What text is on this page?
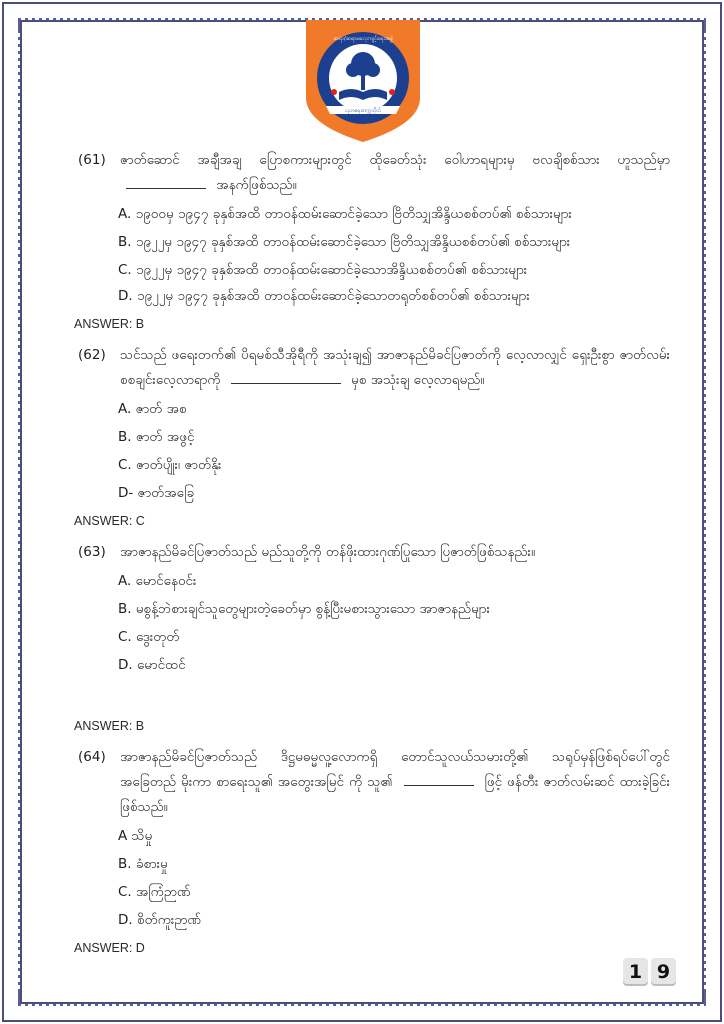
ဆရာ/ဆရာမလေ့ကျင့်ရေးအဖွဲ့
ပညာရေးတက္ကသိုလ်
(61)	ဇာတ်ဆောင် အချီအချ ပြောစကားများတွင် ထိုခေတ်သုံး ဝေါဟာရများမှ ဗလချိစစ်သား ဟူသည်မှာ  အနက်ဖြစ်သည်။
A. ၁၉၀၀မှ ၁၉၄၇ ခုနှစ်အထိ တာဝန်ထမ်းဆောင်ခဲ့သော ဗြိတိသျှအိန္ဒိယစစ်တပ်၏ စစ်သားများ
B. ၁၉၂၂မှ ၁၉၄၇ ခုနှစ်အထိ တာဝန်ထမ်းဆောင်ခဲ့သော ဗြိတိသျှအိန္ဒိယစစ်တပ်၏ စစ်သားများ
C. ၁၉၂၂မှ ၁၉၄၇ ခုနှစ်အထိ တာဝန်ထမ်းဆောင်ခဲ့သောအိန္ဒိယစစ်တပ်၏ စစ်သားများ
D. ၁၉၂၂မှ ၁၉၄၇ ခုနှစ်အထိ တာဝန်ထမ်းဆောင်ခဲ့သောတရုတ်စစ်တပ်၏ စစ်သားများ
ANSWER: B
(62)	သင်သည် ဖရေးတက်၏ ပိရမစ်သီအိုရီကို အသုံးချ၍ အာဇာနည်မိခင်ပြဇာတ်ကို လေ့လာလျှင် ရှေးဦးစွာ ဇာတ်လမ်းစစချင်းလေ့လာရာကို	မှစ အသုံးချ လေ့လာရမည်။
A. ဇာတ် အစ
B. ဇာတ် အဖွင့်
C. ဇာတ်ပျိုး၊ ဇာတ်နိုး
D- ဇာတ်အခြေ
ANSWER: C
(63)	အာဇာနည်မိခင်ပြဇာတ်သည် မည်သူတို့ကို တန်ဖိုးထားဂုဏ်ပြုသော ပြဇာတ်ဖြစ်သနည်း။
A. မောင်နေဝင်း
B. မစွန့်ဘဲစားချင်သူတွေများတဲ့ခေတ်မှာ စွန့်ပြီးမစားသွားသော အာဇာနည်များ
C. ဒွေးတုတ်
D. မောင်ထင်
ANSWER: B
(64)	အာဇာနည်မိခင်ပြဇာတ်သည် ဒိဋ္ဌမဓမ္မလူ့လောကရှိ တောင်သူလယ်သမားတို့၏ သရုပ်မှန်ဖြစ်ရပ်ပေါ်တွင် အခြေတည် မိုးကာ စာရေးသူ၏ အတွေးအမြင် ကို သူ၏	ဖြင့် ဖန်တီး ဇာတ်လမ်းဆင် ထားခဲ့ခြင်း ဖြစ်သည်။
A သိမှု
B. ခံစားမှု
C. အကြံဉာဏ်
D. စိတ်ကူးဉာဏ်
ANSWER: D
1 9
